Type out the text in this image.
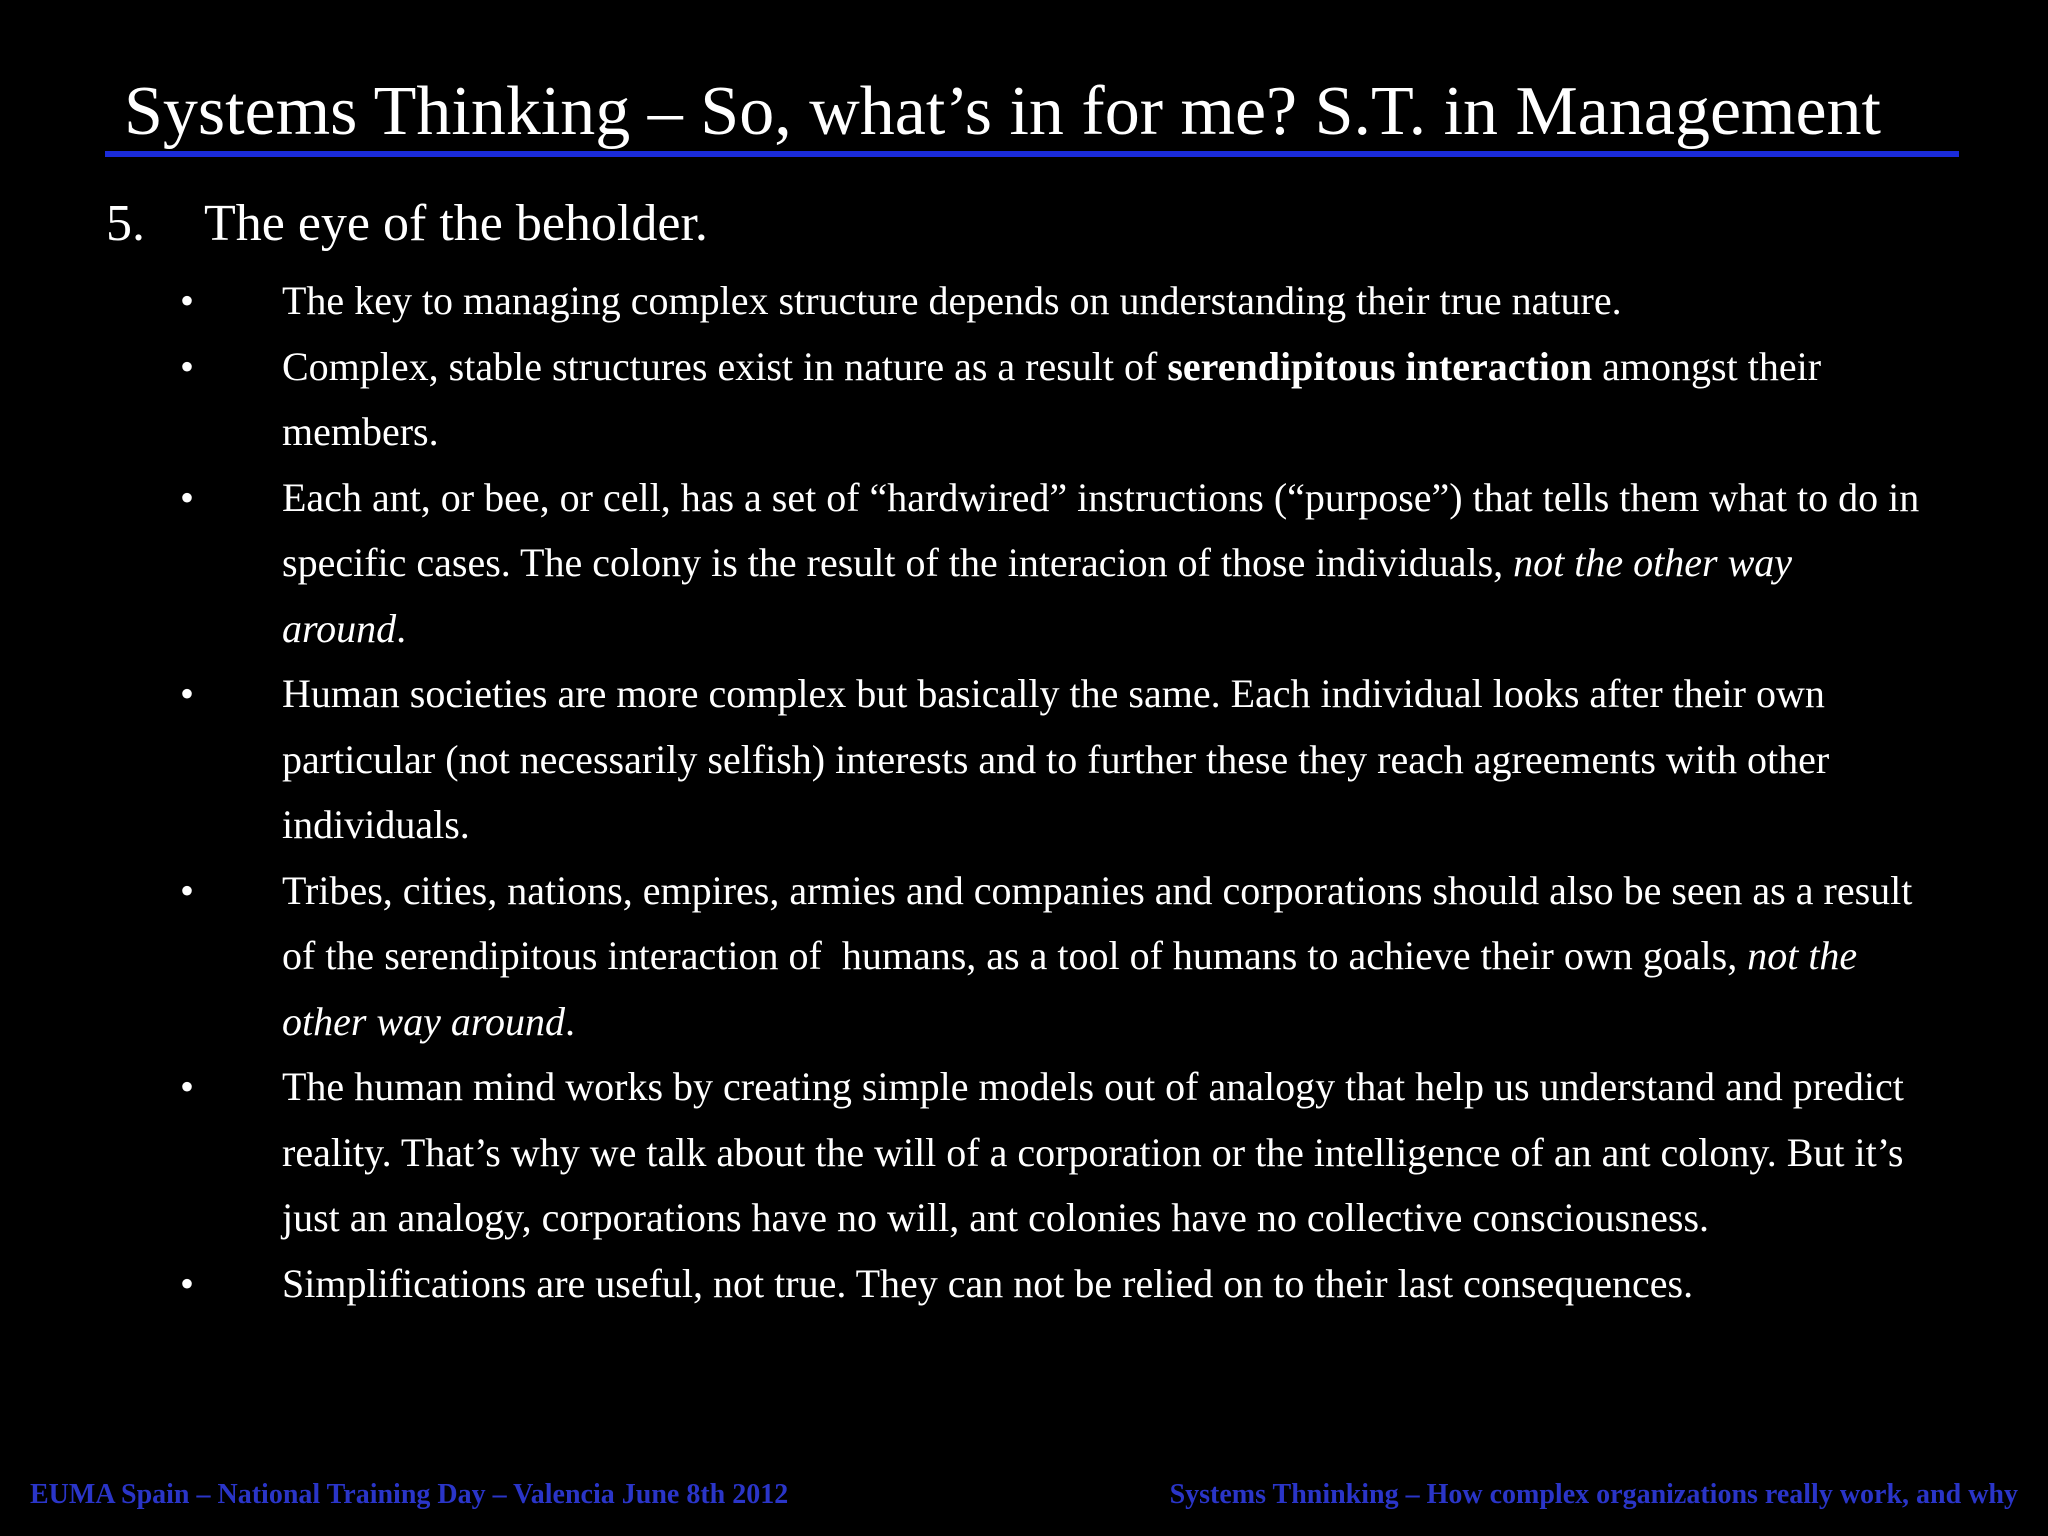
Systems Thinking – So, what’s in for me? S.T. in Management
5. The eye of the beholder.
• The key to managing complex structure depends on understanding their true nature.
• Complex, stable structures exist in nature as a result of serendipitous interaction amongst their members.
• Each ant, or bee, or cell, has a set of “hardwired” instructions (“purpose”) that tells them what to do in specific cases. The colony is the result of the interacion of those individuals, not the other way around.
• Human societies are more complex but basically the same. Each individual looks after their own particular (not necessarily selfish) interests and to further these they reach agreements with other individuals.
• Tribes, cities, nations, empires, armies and companies and corporations should also be seen as a result of the serendipitous interaction of  humans, as a tool of humans to achieve their own goals, not the other way around.
• The human mind works by creating simple models out of analogy that help us understand and predict reality. That’s why we talk about the will of a corporation or the intelligence of an ant colony. But it’s just an analogy, corporations have no will, ant colonies have no collective consciousness.
• Simplifications are useful, not true. They can not be relied on to their last consequences.
EUMA Spain – National Training Day – Valencia June 8th 2012	Systems Thninking – How complex organizations really work, and why
